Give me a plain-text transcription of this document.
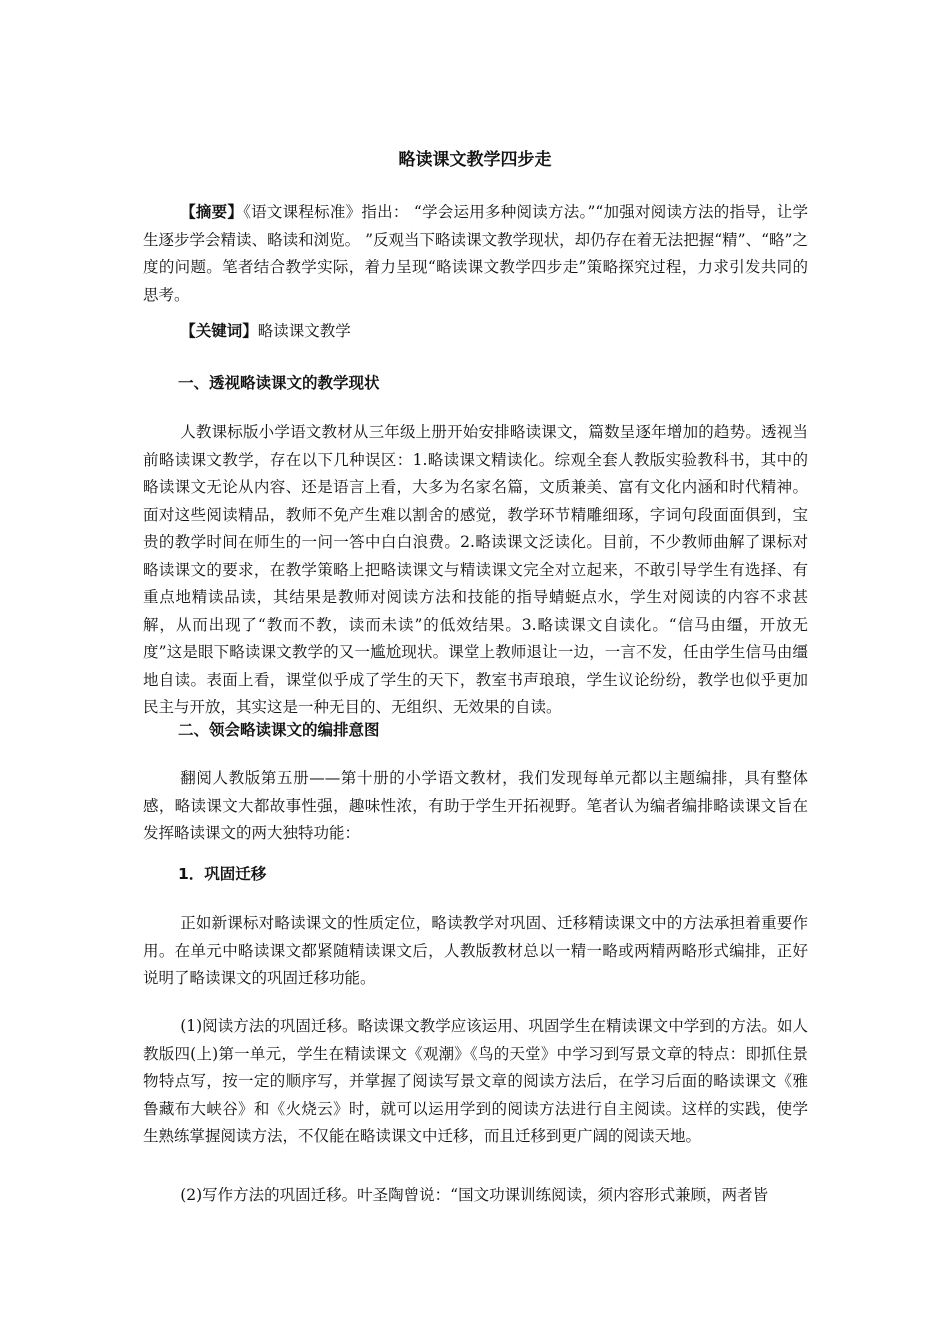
略读课文教学四步走

【摘要】《语文课程标准》指出： “学会运用多种阅读方法。”“加强对阅读方法的指导，让学生逐步学会精读、略读和浏览。 ”反观当下略读课文教学现状，却仍存在着无法把握“精”、“略”之度的问题。笔者结合教学实际，着力呈现“略读课文教学四步走”策略探究过程，力求引发共同的思考。

【关键词】略读课文教学

一、透视略读课文的教学现状

人教课标版小学语文教材从三年级上册开始安排略读课文，篇数呈逐年增加的趋势。透视当前略读课文教学，存在以下几种误区：1.略读课文精读化。综观全套人教版实验教科书，其中的略读课文无论从内容、还是语言上看，大多为名家名篇，文质兼美、富有文化内涵和时代精神。面对这些阅读精品，教师不免产生难以割舍的感觉，教学环节精雕细琢，字词句段面面俱到，宝贵的教学时间在师生的一问一答中白白浪费。2.略读课文泛读化。目前，不少教师曲解了课标对略读课文的要求，在教学策略上把略读课文与精读课文完全对立起来，不敢引导学生有选择、有重点地精读品读，其结果是教师对阅读方法和技能的指导蜻蜓点水，学生对阅读的内容不求甚解，从而出现了“教而不教，读而未读”的低效结果。3.略读课文自读化。“信马由缰，开放无度”这是眼下略读课文教学的又一尴尬现状。课堂上教师退让一边，一言不发，任由学生信马由缰地自读。表面上看，课堂似乎成了学生的天下，教室书声琅琅，学生议论纷纷，教学也似乎更加民主与开放，其实这是一种无目的、无组织、无效果的自读。

二、领会略读课文的编排意图

翻阅人教版第五册——第十册的小学语文教材，我们发现每单元都以主题编排，具有整体感，略读课文大都故事性强，趣味性浓，有助于学生开拓视野。笔者认为编者编排略读课文旨在发挥略读课文的两大独特功能：

1．巩固迁移

正如新课标对略读课文的性质定位，略读教学对巩固、迁移精读课文中的方法承担着重要作用。在单元中略读课文都紧随精读课文后，人教版教材总以一精一略或两精两略形式编排，正好说明了略读课文的巩固迁移功能。

(1)阅读方法的巩固迁移。略读课文教学应该运用、巩固学生在精读课文中学到的方法。如人教版四(上)第一单元，学生在精读课文《观潮》《鸟的天堂》中学习到写景文章的特点：即抓住景物特点写，按一定的顺序写，并掌握了阅读写景文章的阅读方法后，在学习后面的略读课文《雅鲁藏布大峡谷》和《火烧云》时，就可以运用学到的阅读方法进行自主阅读。这样的实践，使学生熟练掌握阅读方法，不仅能在略读课文中迁移，而且迁移到更广阔的阅读天地。

(2)写作方法的巩固迁移。叶圣陶曾说：“国文功课训练阅读，须内容形式兼顾，两者皆
